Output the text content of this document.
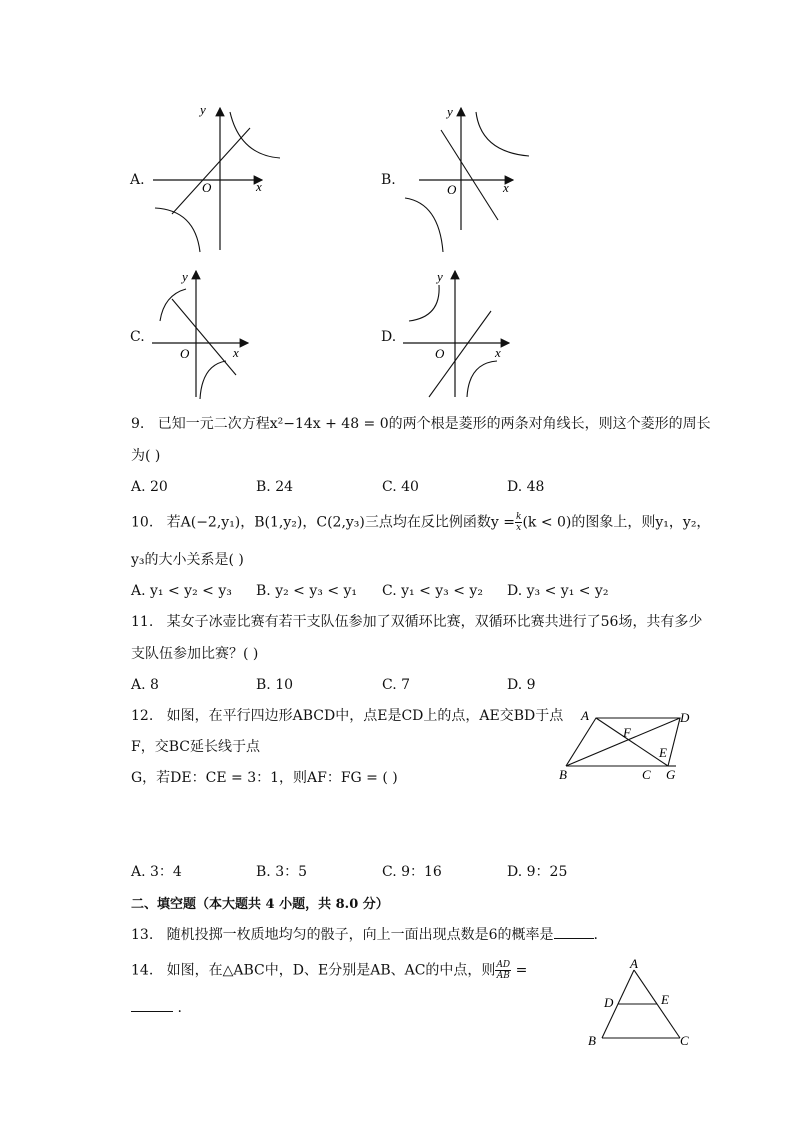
A.
y
x
O	B.
y
x
O
C.
y
x
O
D.
y
x
O
9. 已知一元二次方程x²−14x + 48 = 0的两个根是菱形的两条对角线长，则这个菱形的周长
为( )
A. 20	B. 24	C. 40	D. 48
10. 若A(−2,y₁)，B(1,y₂)，C(2,y₃)三点均在反比例函数$y = \frac{k}{x} (k < 0)$的图象上，则y₁，y₂，
y₃的大小关系是( )
A. y₁ < y₂ < y₃ B. y₂ < y₃ < y₁ C. y₁ < y₃ < y₂ D. y₃ < y₁ < y₂
11. 某女子冰壶比赛有若干支队伍参加了双循环比赛，双循环比赛共进行了56场，共有多少
支队伍参加比赛？( )
A. 8	B. 10	C. 7	D. 9
12. 如图，在平行四边形ABCD中，点E是CD上的点，AE交BD于点
F，交BC延长线于点
G，若DE：CE = 3：1，则AF：FG = ( )
A	D
F
E
B	C G
A. 3：4	B. 3：5	C. 9：16	D. 9：25
二、填空题（本大题共 4 小题，共 8.0 分）
13. 随机投掷一枚质地均匀的骰子，向上一面出现点数是6的概率是	.
14. 如图，在△ABC中，D、E分别是AB、AC的中点，则 $\frac{AD}{AB}$ =
.
A
D	E
B	C
